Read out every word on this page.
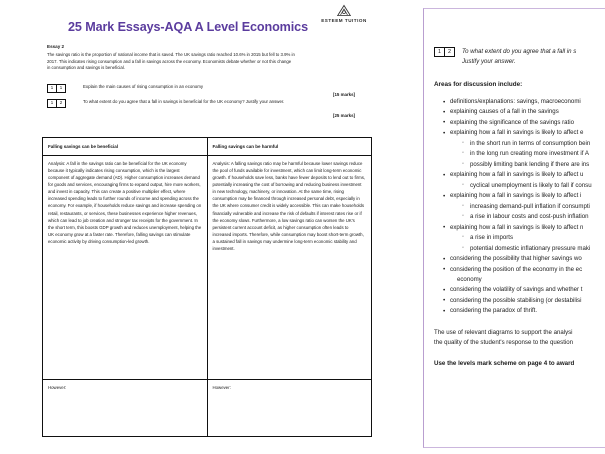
25 Mark Essays-AQA A Level Economics	ESTEEM TUITION
Essay 2
The savings ratio is the proportion of national income that is saved. The UK savings ratio reached 10.6% in 2015 but fell to 3.9% in 2017. This indicates rising consumption and a fall in savings across the economy. Economists debate whether or not this change in consumption and savings is beneficial.
1	1	Explain the main causes of rising consumption in an economy
[15 marks]
1	2	To what extent do you agree that a fall in savings is beneficial for the UK economy? Justify your answer.
[25 marks]
Falling savings can be beneficial	Falling savings can be harmful
Analysis: A fall in the savings ratio can be beneficial for the UK economy because it typically indicates rising consumption, which is the largest component of aggregate demand (AD). Higher consumption increases demand for goods and services, encouraging firms to expand output, hire more workers, and invest in capacity. This can create a positive multiplier effect, where increased spending leads to further rounds of income and spending across the economy. For example, if households reduce savings and increase spending on retail, restaurants, or services, these businesses experience higher revenues, which can lead to job creation and stronger tax receipts for the government. In the short term, this boosts GDP growth and reduces unemployment, helping the UK economy grow at a faster rate. Therefore, falling savings can stimulate economic activity by driving consumption-led growth.	Analysis: A falling savings ratio may be harmful because lower savings reduce the pool of funds available for investment, which can limit long-term economic growth. If households save less, banks have fewer deposits to lend out to firms, potentially increasing the cost of borrowing and reducing business investment in new technology, machinery, or innovation. At the same time, rising consumption may be financed through increased personal debt, especially in the UK where consumer credit is widely accessible. This can make households financially vulnerable and increase the risk of defaults if interest rates rise or if the economy slows. Furthermore, a low savings ratio can worsen the UK's persistent current account deficit, as higher consumption often leads to increased imports. Therefore, while consumption may boost short-term growth, a sustained fall in savings may undermine long-term economic stability and investment.
However:	However:
1	2	To what extent do you agree that a fall in s
Justify your answer.
Areas for discussion include:
• definitions/explanations: savings, macroeconomi
• explaining causes of a fall in the savings
• explaining the significance of the savings ratio
• explaining how a fall in savings is likely to affect e
◦ in the short run in terms of consumption bein
◦ in the long run creating more investment if A
◦ possibly limiting bank lending if there are ins
• explaining how a fall in savings is likely to affect u
◦ cyclical unemployment is likely to fall if consu
• explaining how a fall in savings is likely to affect i
◦ increasing demand-pull inflation if consumpti
◦ a rise in labour costs and cost-push inflation
• explaining how a fall in savings is likely to affect n
◦ a rise in imports
◦ potential domestic inflationary pressure maki
• considering the possibility that higher savings wo
• considering the position of the economy in the ec
economy
• considering the volatility of savings and whether t
• considering the possible stabilising (or destabilisi
• considering the paradox of thrift.
The use of relevant diagrams to support the analysi
the quality of the student's response to the question
Use the levels mark scheme on page 4 to award
